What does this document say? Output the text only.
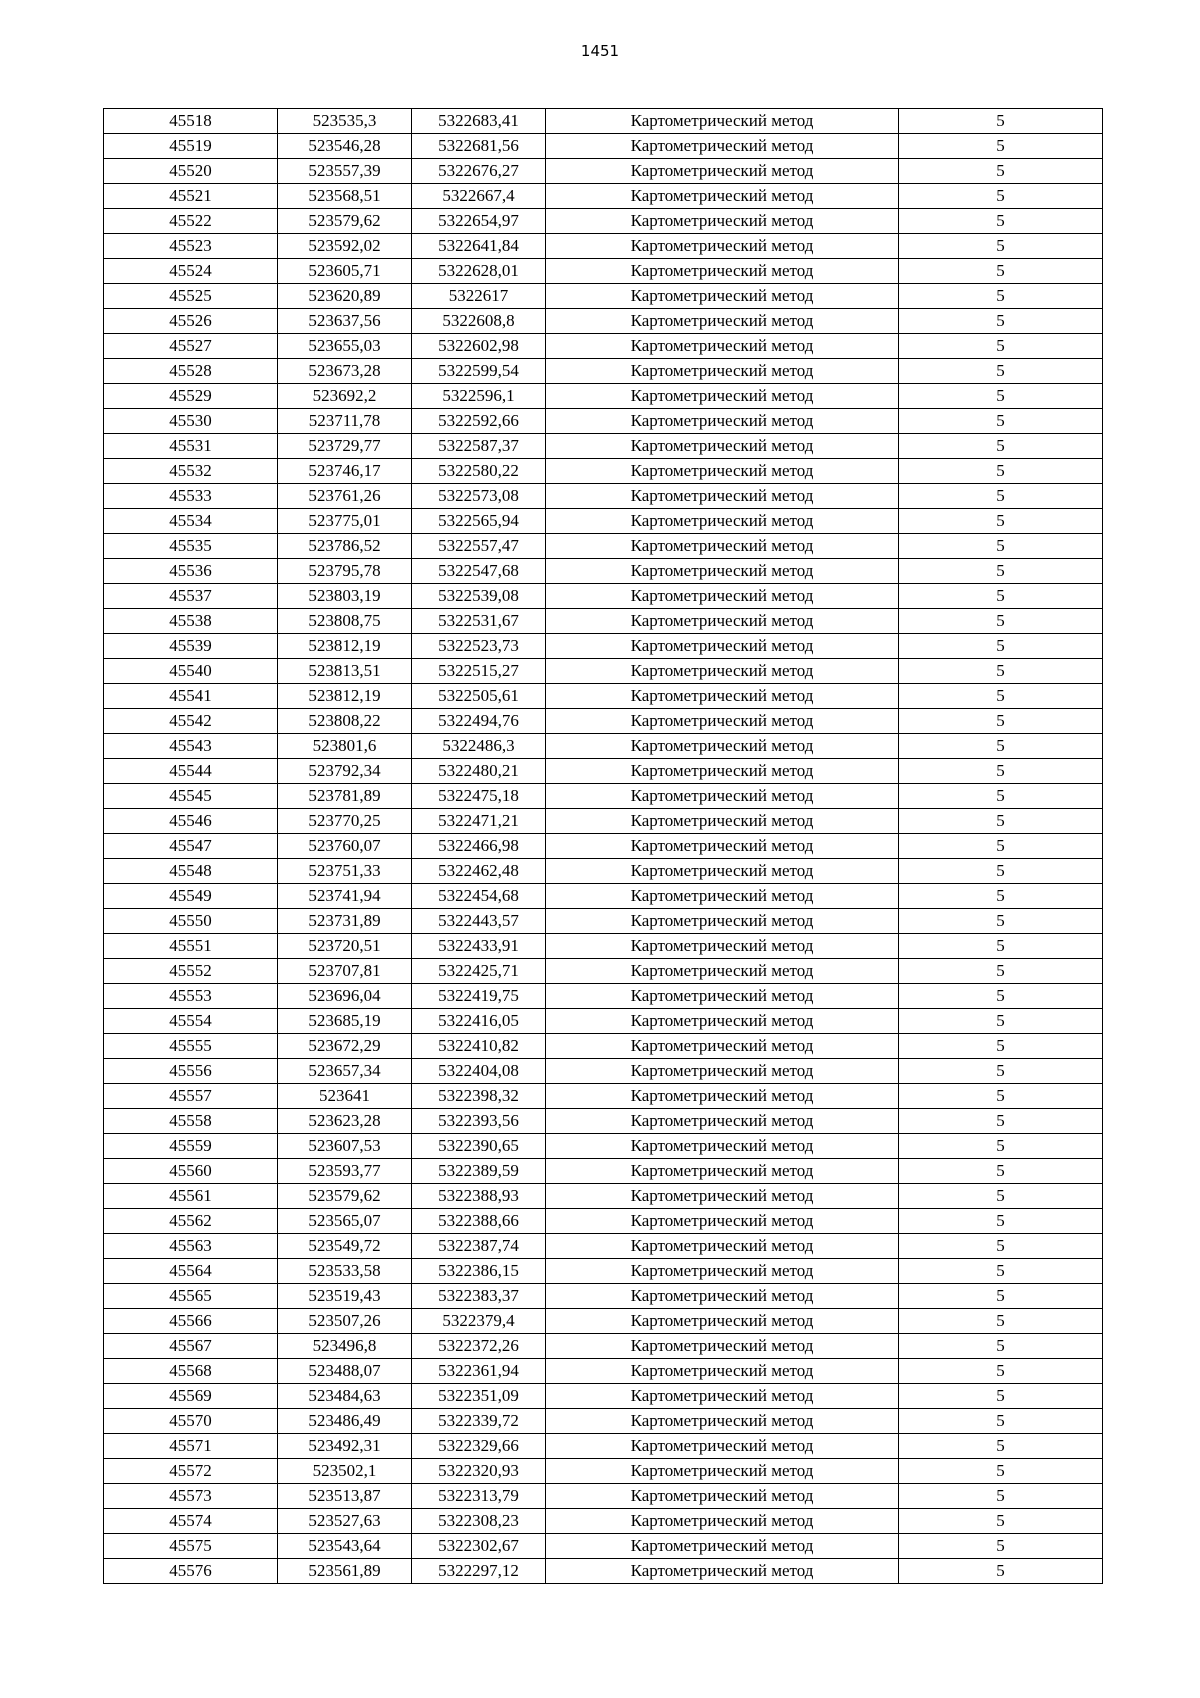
1451
45518	523535,3	5322683,41	Картометрический метод	5
45519	523546,28	5322681,56	Картометрический метод	5
45520	523557,39	5322676,27	Картометрический метод	5
45521	523568,51	5322667,4	Картометрический метод	5
45522	523579,62	5322654,97	Картометрический метод	5
45523	523592,02	5322641,84	Картометрический метод	5
45524	523605,71	5322628,01	Картометрический метод	5
45525	523620,89	5322617	Картометрический метод	5
45526	523637,56	5322608,8	Картометрический метод	5
45527	523655,03	5322602,98	Картометрический метод	5
45528	523673,28	5322599,54	Картометрический метод	5
45529	523692,2	5322596,1	Картометрический метод	5
45530	523711,78	5322592,66	Картометрический метод	5
45531	523729,77	5322587,37	Картометрический метод	5
45532	523746,17	5322580,22	Картометрический метод	5
45533	523761,26	5322573,08	Картометрический метод	5
45534	523775,01	5322565,94	Картометрический метод	5
45535	523786,52	5322557,47	Картометрический метод	5
45536	523795,78	5322547,68	Картометрический метод	5
45537	523803,19	5322539,08	Картометрический метод	5
45538	523808,75	5322531,67	Картометрический метод	5
45539	523812,19	5322523,73	Картометрический метод	5
45540	523813,51	5322515,27	Картометрический метод	5
45541	523812,19	5322505,61	Картометрический метод	5
45542	523808,22	5322494,76	Картометрический метод	5
45543	523801,6	5322486,3	Картометрический метод	5
45544	523792,34	5322480,21	Картометрический метод	5
45545	523781,89	5322475,18	Картометрический метод	5
45546	523770,25	5322471,21	Картометрический метод	5
45547	523760,07	5322466,98	Картометрический метод	5
45548	523751,33	5322462,48	Картометрический метод	5
45549	523741,94	5322454,68	Картометрический метод	5
45550	523731,89	5322443,57	Картометрический метод	5
45551	523720,51	5322433,91	Картометрический метод	5
45552	523707,81	5322425,71	Картометрический метод	5
45553	523696,04	5322419,75	Картометрический метод	5
45554	523685,19	5322416,05	Картометрический метод	5
45555	523672,29	5322410,82	Картометрический метод	5
45556	523657,34	5322404,08	Картометрический метод	5
45557	523641	5322398,32	Картометрический метод	5
45558	523623,28	5322393,56	Картометрический метод	5
45559	523607,53	5322390,65	Картометрический метод	5
45560	523593,77	5322389,59	Картометрический метод	5
45561	523579,62	5322388,93	Картометрический метод	5
45562	523565,07	5322388,66	Картометрический метод	5
45563	523549,72	5322387,74	Картометрический метод	5
45564	523533,58	5322386,15	Картометрический метод	5
45565	523519,43	5322383,37	Картометрический метод	5
45566	523507,26	5322379,4	Картометрический метод	5
45567	523496,8	5322372,26	Картометрический метод	5
45568	523488,07	5322361,94	Картометрический метод	5
45569	523484,63	5322351,09	Картометрический метод	5
45570	523486,49	5322339,72	Картометрический метод	5
45571	523492,31	5322329,66	Картометрический метод	5
45572	523502,1	5322320,93	Картометрический метод	5
45573	523513,87	5322313,79	Картометрический метод	5
45574	523527,63	5322308,23	Картометрический метод	5
45575	523543,64	5322302,67	Картометрический метод	5
45576	523561,89	5322297,12	Картометрический метод	5
